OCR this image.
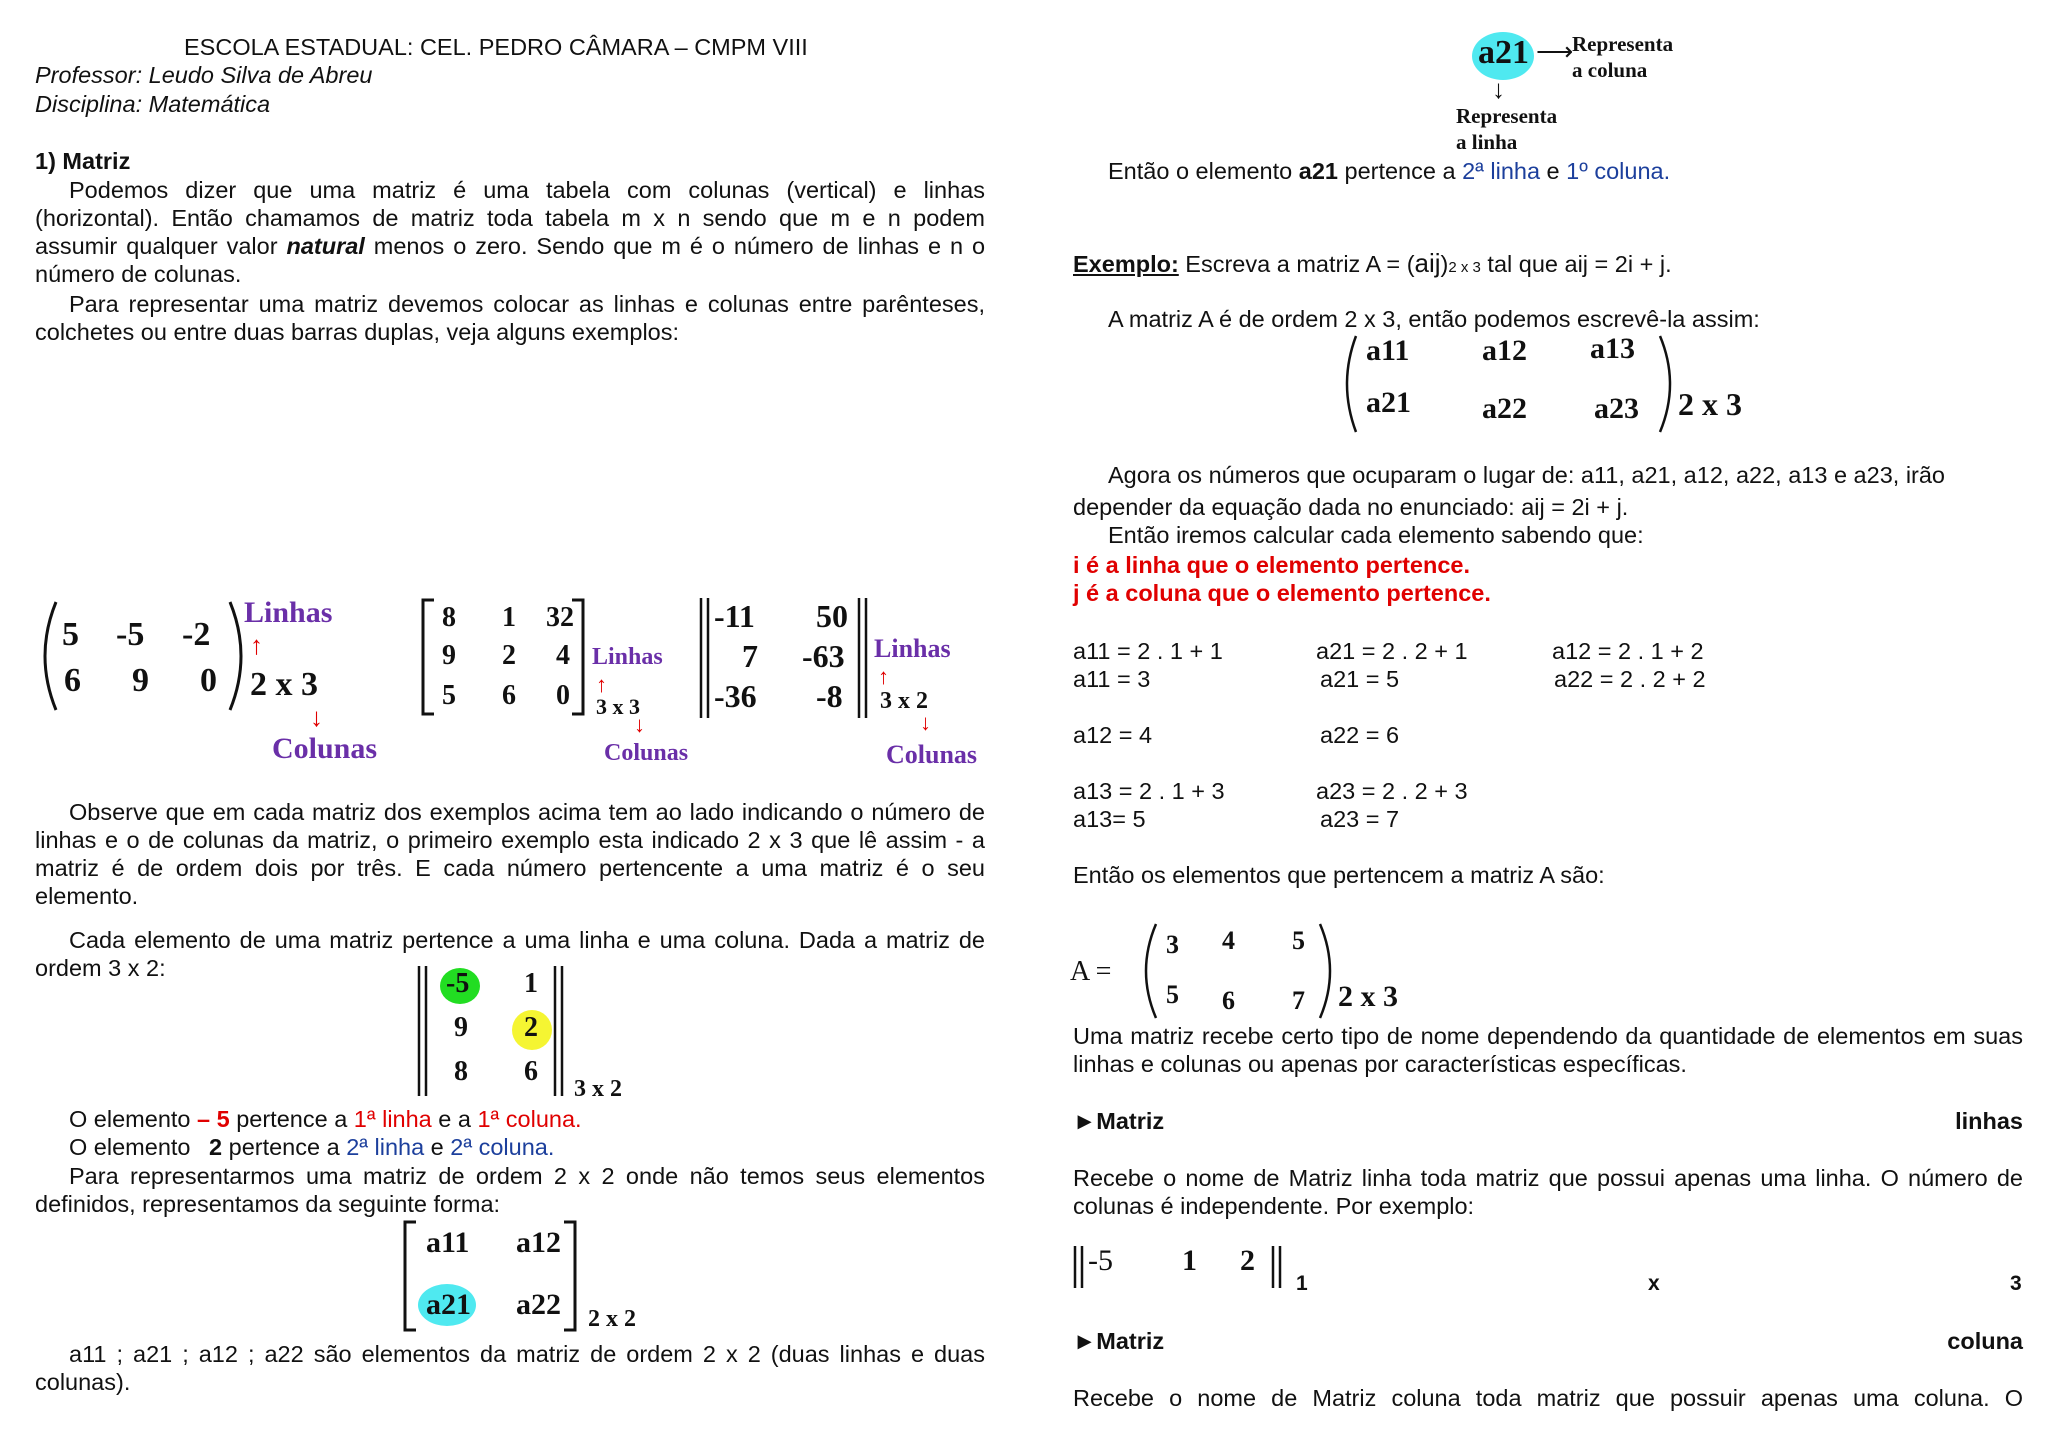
ESCOLA ESTADUAL: CEL. PEDRO CÂMARA – CMPM VIII
Professor: Leudo Silva de Abreu
Disciplina: Matemática
1) Matriz
Podemos dizer que uma matriz é uma tabela com colunas (vertical) e linhas (horizontal). Então chamamos de matriz toda tabela m x n sendo que m e n podem assumir qualquer valor natural menos o zero. Sendo que m é o número de linhas e n o número de colunas.
Para representar uma matriz devemos colocar as linhas e colunas entre parênteses, colchetes ou entre duas barras duplas, veja alguns exemplos:
5 -5 -2
6 9 0
Linhas
↑
2 x 3
↓
Colunas
8 1 32
9 2 4
5 6 0
Linhas
↑
3 x 3
↓
Colunas
-11 50
7 -63
-36 -8
Linhas
↑
3 x 2
↓
Colunas
Observe que em cada matriz dos exemplos acima tem ao lado indicando o número de linhas e o de colunas da matriz, o primeiro exemplo esta indicado 2 x 3 que lê assim - a matriz é de ordem dois por três. E cada número pertencente a uma matriz é o seu elemento.
Cada elemento de uma matriz pertence a uma linha e uma coluna. Dada a matriz de ordem 3 x 2:	-5 1
9 2
8 6
3 x 2
O elemento – 5 pertence a 1ª linha e a 1ª coluna.
O elemento 2 pertence a 2ª linha e 2ª coluna.
Para representarmos uma matriz de ordem 2 x 2 onde não temos seus elementos definidos, representamos da seguinte forma:
a11 a12
a21 a22 2 x 2
a11 ; a21 ; a12 ; a22 são elementos da matriz de ordem 2 x 2 (duas linhas e duas colunas).
a21 ⟶
Representa
a coluna
↓
Representa
a linha
Então o elemento a21 pertence a 2ª linha e 1º coluna.
Exemplo: Escreva a matriz A = (aij)2 x 3 tal que aij = 2i + j.
A matriz A é de ordem 2 x 3, então podemos escrevê-la assim:
a11 a12 a13
a21 a22 a23 2 x 3
Agora os números que ocuparam o lugar de: a11, a21, a12, a22, a13 e a23, irão
depender da equação dada no enunciado: aij = 2i + j.
Então iremos calcular cada elemento sabendo que:
i é a linha que o elemento pertence.
j é a coluna que o elemento pertence.
a11 = 2 . 1 + 1	a21 = 2 . 2 + 1	a12 = 2 . 1 + 2
a11 = 3	a21 = 5	a22 = 2 . 2 + 2
a12 = 4	a22 = 6
a13 = 2 . 1 + 3	a23 = 2 . 2 + 3
a13= 5	a23 = 7
Então os elementos que pertencem a matriz A são:
A =
3 4 5
5 6 7 2 x 3
Uma matriz recebe certo tipo de nome dependendo da quantidade de elementos em suas linhas e colunas ou apenas por características específicas.
►Matriz	linhas
Recebe o nome de Matriz linha toda matriz que possui apenas uma linha. O número de colunas é independente. Por exemplo:
-5 1 2
1	x	3
►Matriz	coluna
Recebe o nome de Matriz coluna toda matriz que possuir apenas uma coluna. O
